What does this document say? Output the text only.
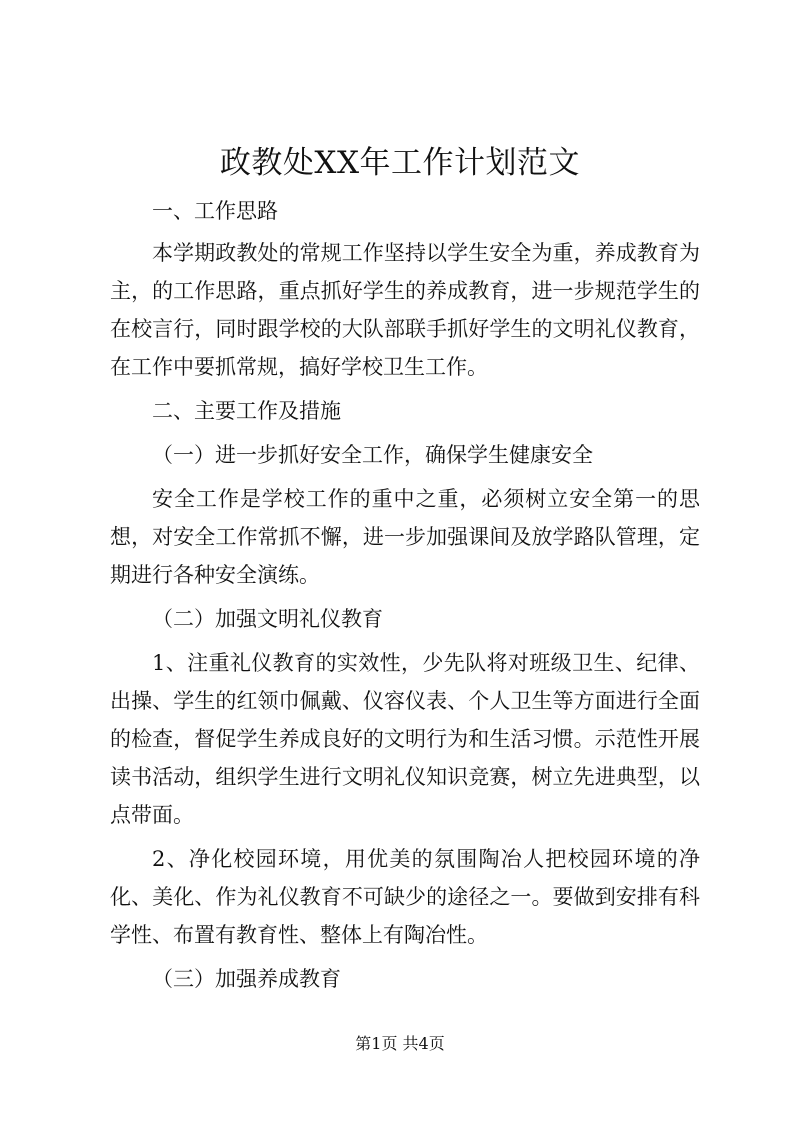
政教处XX年工作计划范文

一、工作思路

本学期政教处的常规工作坚持以学生安全为重，养成教育为主，的工作思路，重点抓好学生的养成教育，进一步规范学生的在校言行，同时跟学校的大队部联手抓好学生的文明礼仪教育，在工作中要抓常规，搞好学校卫生工作。

二、主要工作及措施

（一）进一步抓好安全工作，确保学生健康安全

安全工作是学校工作的重中之重，必须树立安全第一的思想，对安全工作常抓不懈，进一步加强课间及放学路队管理，定期进行各种安全演练。

（二）加强文明礼仪教育

1、注重礼仪教育的实效性，少先队将对班级卫生、纪律、出操、学生的红领巾佩戴、仪容仪表、个人卫生等方面进行全面的检查，督促学生养成良好的文明行为和生活习惯。示范性开展读书活动，组织学生进行文明礼仪知识竞赛，树立先进典型，以点带面。

2、净化校园环境，用优美的氛围陶冶人把校园环境的净化、美化、作为礼仪教育不可缺少的途径之一。要做到安排有科学性、布置有教育性、整体上有陶冶性。

（三）加强养成教育

第1页 共4页
